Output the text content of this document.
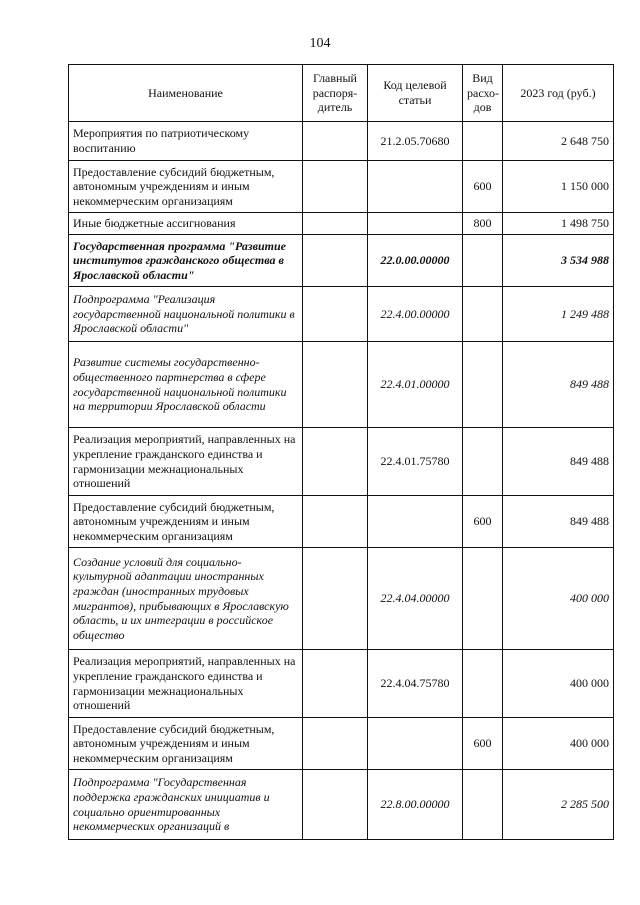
104
Наименование	Главный распоря-дитель	Код целевой статьи	Вид расхо-дов	2023 год (руб.)
Мероприятия по патриотическому воспитанию		21.2.05.70680		2 648 750
Предоставление субсидий бюджетным, автономным учреждениям и иным некоммерческим организациям			600	1 150 000
Иные бюджетные ассигнования			800	1 498 750
Государственная программа "Развитие институтов гражданского общества в Ярославской области"		22.0.00.00000		3 534 988
Подпрограмма "Реализация государственной национальной политики в Ярославской области"		22.4.00.00000		1 249 488
Развитие системы государственно-общественного партнерства в сфере государственной национальной политики на территории Ярославской области		22.4.01.00000		849 488
Реализация мероприятий, направленных на укрепление гражданского единства и гармонизации межнациональных отношений		22.4.01.75780		849 488
Предоставление субсидий бюджетным, автономным учреждениям и иным некоммерческим организациям			600	849 488
Создание условий для социально-культурной адаптации иностранных граждан (иностранных трудовых мигрантов), прибывающих в Ярославскую область, и их интеграции в российское общество		22.4.04.00000		400 000
Реализация мероприятий, направленных на укрепление гражданского единства и гармонизации межнациональных отношений		22.4.04.75780		400 000
Предоставление субсидий бюджетным, автономным учреждениям и иным некоммерческим организациям			600	400 000
Подпрограмма "Государственная поддержка гражданских инициатив и социально ориентированных некоммерческих организаций в		22.8.00.00000		2 285 500
